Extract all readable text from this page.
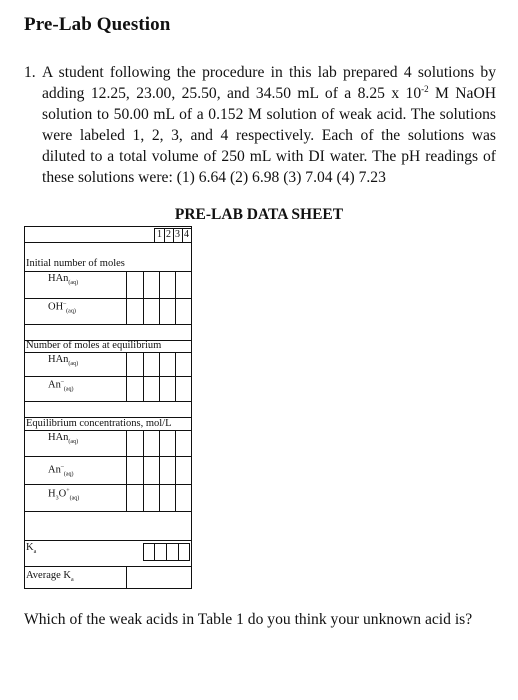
Pre-Lab Question
1. A student following the procedure in this lab prepared 4 solutions by adding 12.25, 23.00, 25.50, and 34.50 mL of a 8.25 x $10^{-2}$ M NaOH solution to 50.00 mL of a 0.152 M solution of weak acid. The solutions were labeled 1, 2, 3, and 4 respectively. Each of the solutions was diluted to a total volume of 250 mL with DI water. The pH readings of these solutions were: (1) 6.64 (2) 6.98 (3) 7.04 (4) 7.23
PRE-LAB DATA SHEET
1 2 3 4
Initial number of moles
HAn$_{(aq)}$
$OH^-_{(aq)}$
Number of moles at equilibrium
HAn$_{(aq)}$
$An^-_{(aq)}$
Equilibrium concentrations, mol/L
HAn$_{(aq)}$
$An^-_{(aq)}$
$H_3O^+_{(aq)}$
$K_a$
Average $K_a$
Which of the weak acids in Table 1 do you think your unknown acid is?
